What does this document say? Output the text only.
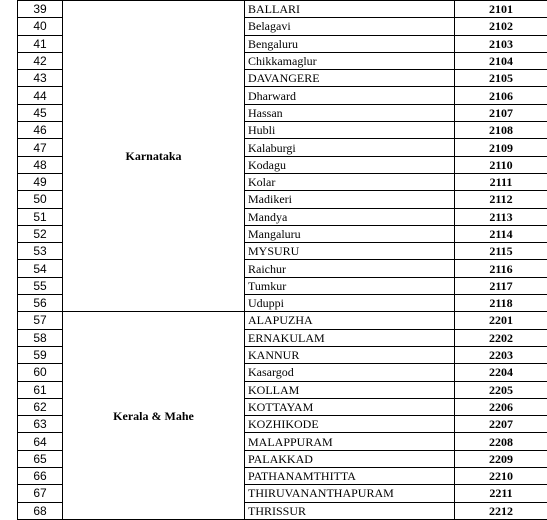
39	Karnataka	BALLARI	2101
40		Belagavi	2102
41		Bengaluru	2103
42		Chikkamaglur	2104
43		DAVANGERE	2105
44		Dharward	2106
45		Hassan	2107
46		Hubli	2108
47		Kalaburgi	2109
48		Kodagu	2110
49		Kolar	2111
50		Madikeri	2112
51		Mandya	2113
52		Mangaluru	2114
53		MYSURU	2115
54		Raichur	2116
55		Tumkur	2117
56		Uduppi	2118
57	Kerala & Mahe	ALAPUZHA	2201
58		ERNAKULAM	2202
59		KANNUR	2203
60		Kasargod	2204
61		KOLLAM	2205
62		KOTTAYAM	2206
63		KOZHIKODE	2207
64		MALAPPURAM	2208
65		PALAKKAD	2209
66		PATHANAMTHITTA	2210
67		THIRUVANANTHAPURAM	2211
68		THRISSUR	2212
